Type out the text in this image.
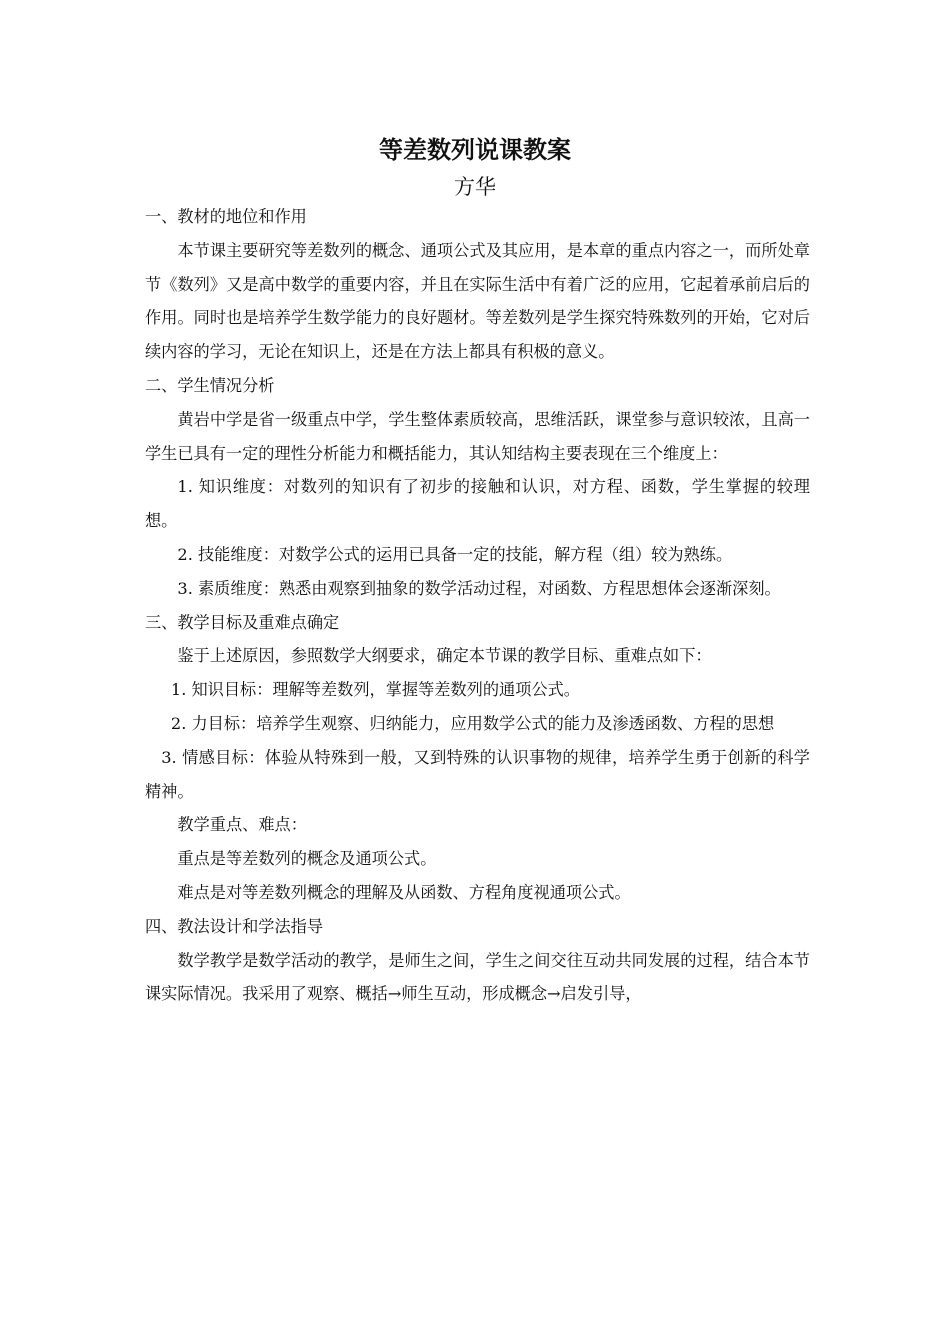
等差数列说课教案
方华

一、教材的地位和作用

本节课主要研究等差数列的概念、通项公式及其应用，是本章的重点内容之一，而所处章节《数列》又是高中数学的重要内容，并且在实际生活中有着广泛的应用，它起着承前启后的作用。同时也是培养学生数学能力的良好题材。等差数列是学生探究特殊数列的开始，它对后续内容的学习，无论在知识上，还是在方法上都具有积极的意义。

二、学生情况分析

黄岩中学是省一级重点中学，学生整体素质较高，思维活跃，课堂参与意识较浓，且高一学生已具有一定的理性分析能力和概括能力，其认知结构主要表现在三个维度上：

1. 知识维度：对数列的知识有了初步的接触和认识，对方程、函数，学生掌握的较理想。

2. 技能维度：对数学公式的运用已具备一定的技能，解方程（组）较为熟练。

3. 素质维度：熟悉由观察到抽象的数学活动过程，对函数、方程思想体会逐渐深刻。

三、教学目标及重难点确定

鉴于上述原因，参照数学大纲要求，确定本节课的教学目标、重难点如下：

1. 知识目标：理解等差数列，掌握等差数列的通项公式。

2. 力目标：培养学生观察、归纳能力，应用数学公式的能力及渗透函数、方程的思想

3. 情感目标：体验从特殊到一般，又到特殊的认识事物的规律，培养学生勇于创新的科学精神。

教学重点、难点：

重点是等差数列的概念及通项公式。

难点是对等差数列概念的理解及从函数、方程角度视通项公式。

四、教法设计和学法指导

数学教学是数学活动的教学，是师生之间，学生之间交往互动共同发展的过程，结合本节课实际情况。我采用了观察、概括→师生互动，形成概念→启发引导，
